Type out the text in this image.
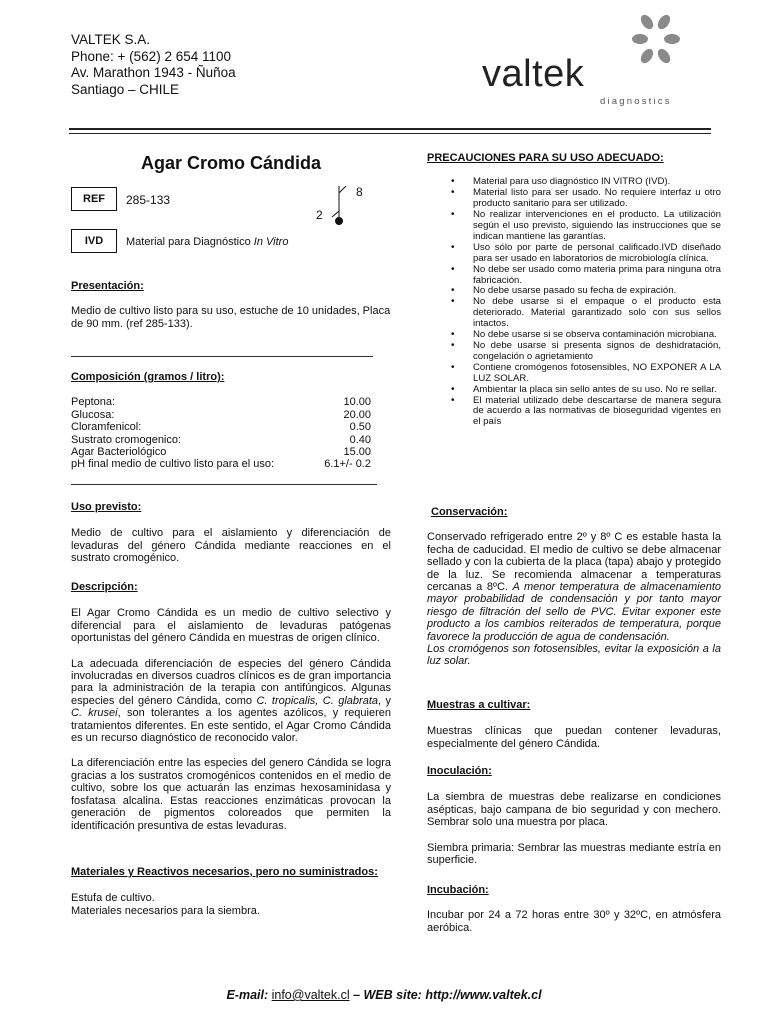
VALTEK S.A.
Phone: + (562) 2 654 1100
Av. Marathon 1943 - Ñuñoa
Santiago – CHILE	valtek
diagnostics
Agar Cromo Cándida
REF	285-133
8
2
IVD	Material para Diagnóstico In Vitro
Presentación:
Medio de cultivo listo para su uso, estuche de 10 unidades, Placa de 90 mm. (ref 285-133).
Composición (gramos / litro):
Peptona:	10.00
Glucosa:	20.00
Cloramfenicol:	0.50
Sustrato cromogenico:	0.40
Agar Bacteriológico	15.00
pH final medio de cultivo listo para el uso:	6.1+/- 0.2
Uso previsto:
Medio de cultivo para el aislamiento y diferenciación de levaduras del género Cándida mediante reacciones en el sustrato cromogénico.
Descripción:

El Agar Cromo Cándida es un medio de cultivo selectivo y diferencial para el aislamiento de levaduras patógenas oportunistas del género Cándida en muestras de origen clínico.

La adecuada diferenciación de especies del género Cándida involucradas en diversos cuadros clínicos es de gran importancia para la administración de la terapia con antifúngicos. Algunas especies del género Cándida, como C. tropicalis, C. glabrata, y C. krusei, son tolerantes a los agentes azólicos, y requieren tratamientos diferentes. En este sentido, el Agar Cromo Cándida es un recurso diagnóstico de reconocido valor.

La diferenciación entre las especies del genero Cándida se logra gracias a los sustratos cromogénicos contenidos en el medio de cultivo, sobre los que actuarán las enzimas hexosaminidasa y fosfatasa alcalina. Estas reacciones enzimáticas provocan la generación de pigmentos coloreados que permiten la identificación presuntiva de estas levaduras.

Materiales y Reactivos necesarios, pero no suministrados:
Estufa de cultivo.
Materiales necesarios para la siembra.
PRECAUCIONES PARA SU USO ADECUADO:
• Material para uso diagnóstico IN VITRO (IVD).
• Material listo para ser usado. No requiere interfaz u otro producto sanitario para ser utilizado.
• No realizar intervenciones en el producto. La utilización según el uso previsto, siguiendo las instrucciones que se indican mantiene las garantías.
• Uso sólo por parte de personal calificado.IVD diseñado para ser usado en laboratorios de microbiología clínica.
• No debe ser usado como materia prima para ninguna otra fabricación.
• No debe usarse pasado su fecha de expiración.
• No debe usarse si el empaque o el producto esta deteriorado. Material garantizado solo con sus sellos intactos.
• No debe usarse si se observa contaminación microbiana.
• No debe usarse si presenta signos de deshidratación, congelación o agrietamiento
• Contiene cromógenos fotosensibles, NO EXPONER A LA LUZ SOLAR.
• Ambientar la placa sin sello antes de su uso. No re sellar.
• El material utilizado debe descartarse de manera segura de acuerdo a las normativas de bioseguridad vigentes en el país
Conservación:
Conservado refrigerado entre 2º y 8º C es estable hasta la fecha de caducidad. El medio de cultivo se debe almacenar sellado y con la cubierta de la placa (tapa) abajo y protegido de la luz. Se recomienda almacenar a temperaturas cercanas a 8ºC. A menor temperatura de almacenamiento mayor probabilidad de condensación y por tanto mayor riesgo de filtración del sello de PVC. Evitar exponer este producto a los cambios reiterados de temperatura, porque favorece la producción de agua de condensación.
Los cromógenos son fotosensibles, evitar la exposición a la luz solar.
Muestras a cultivar:
Muestras clínicas que puedan contener levaduras, especialmente del género Cándida.
Inoculación:

La siembra de muestras debe realizarse en condiciones asépticas, bajo campana de bio seguridad y con mechero. Sembrar solo una muestra por placa.

Siembra primaria: Sembrar las muestras mediante estría en superficie.

Incubación:
Incubar por 24 a 72 horas entre 30º y 32ºC, en atmósfera aeróbica.
E-mail: info@valtek.cl – WEB site: http://www.valtek.cl
